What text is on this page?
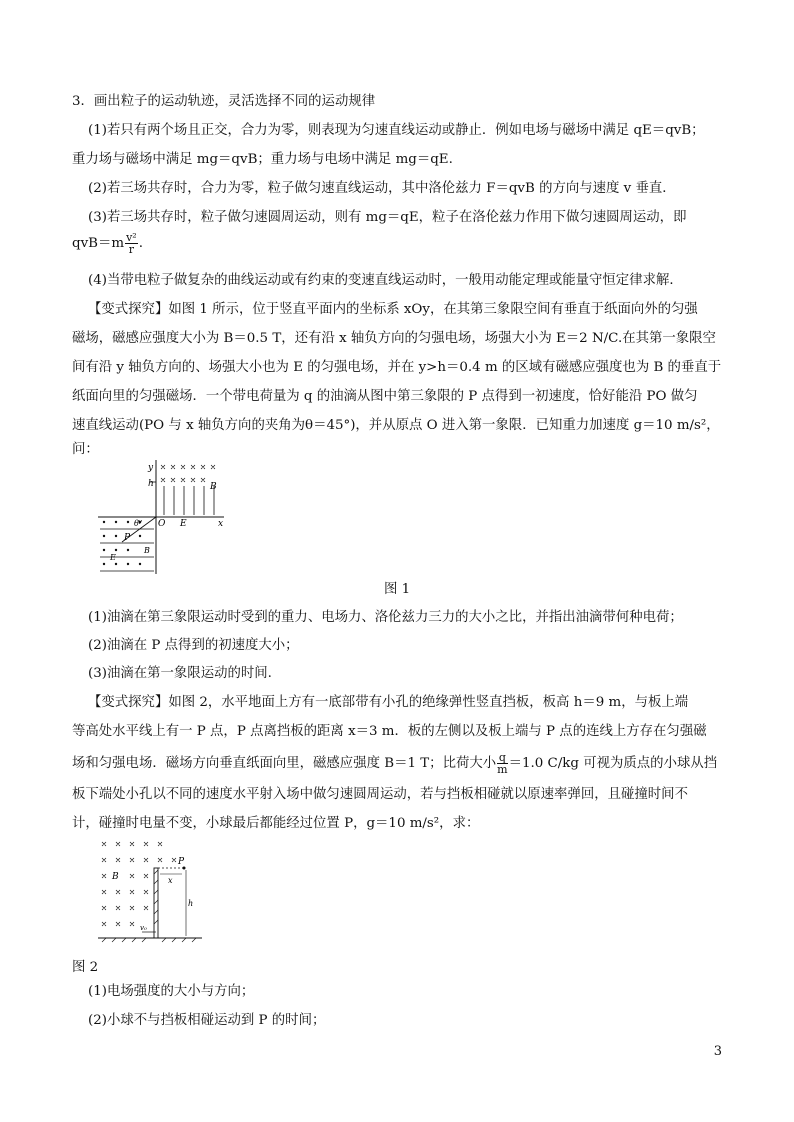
3．画出粒子的运动轨迹，灵活选择不同的运动规律
(1)若只有两个场且正交，合力为零，则表现为匀速直线运动或静止．例如电场与磁场中满足 qE＝qvB；
重力场与磁场中满足 mg＝qvB；重力场与电场中满足 mg＝qE.
(2)若三场共存时，合力为零，粒子做匀速直线运动，其中洛伦兹力 F＝qvB 的方向与速度 v 垂直．
(3)若三场共存时，粒子做匀速圆周运动，则有 mg＝qE，粒子在洛伦兹力作用下做匀速圆周运动，即
$qvB=m \frac{\text{v²}}{r}$ .
(4)当带电粒子做复杂的曲线运动或有约束的变速直线运动时，一般用动能定理或能量守恒定律求解．
【变式探究】如图 1 所示，位于竖直平面内的坐标系 xOy，在其第三象限空间有垂直于纸面向外的匀强
磁场，磁感应强度大小为 B＝0.5 T，还有沿 x 轴负方向的匀强电场，场强大小为 E＝2 N/C.在其第一象限空
间有沿 y 轴负方向的、场强大小也为 E 的匀强电场，并在 y>h＝0.4 m 的区域有磁感应强度也为 B 的垂直于
纸面向里的匀强磁场．一个带电荷量为 q 的油滴从图中第三象限的 P 点得到一初速度，恰好能沿 PO 做匀
速直线运动(PO 与 x 轴负方向的夹角为θ＝45°)，并从原点 O 进入第一象限．已知重力加速度 g＝10 m/s²，
问：
y
h	B
O E	x
θ
P
B
E
v
图 1
(1)油滴在第三象限运动时受到的重力、电场力、洛伦兹力三力的大小之比，并指出油滴带何种电荷；
(2)油滴在 P 点得到的初速度大小；
(3)油滴在第一象限运动的时间.
【变式探究】如图 2，水平地面上方有一底部带有小孔的绝缘弹性竖直挡板，板高 h＝9 m，与板上端
等高处水平线上有一 P 点，P 点离挡板的距离 x＝3 m．板的左侧以及板上端与 P 点的连线上方存在匀强磁
场和匀强电场．磁场方向垂直纸面向里，磁感应强度 B＝1 T；比荷大小 $\frac{q}{m} =1.0$ C/kg 可视为质点的小球从挡
板下端处小孔以不同的速度水平射入场中做匀速圆周运动，若与挡板相碰就以原速率弹回，且碰撞时间不
计，碰撞时电量不变，小球最后都能经过位置 P，g＝10 m/s²，求：
P
B	x
h
v₀
图 2
(1)电场强度的大小与方向；
(2)小球不与挡板相碰运动到 P 的时间；
3
